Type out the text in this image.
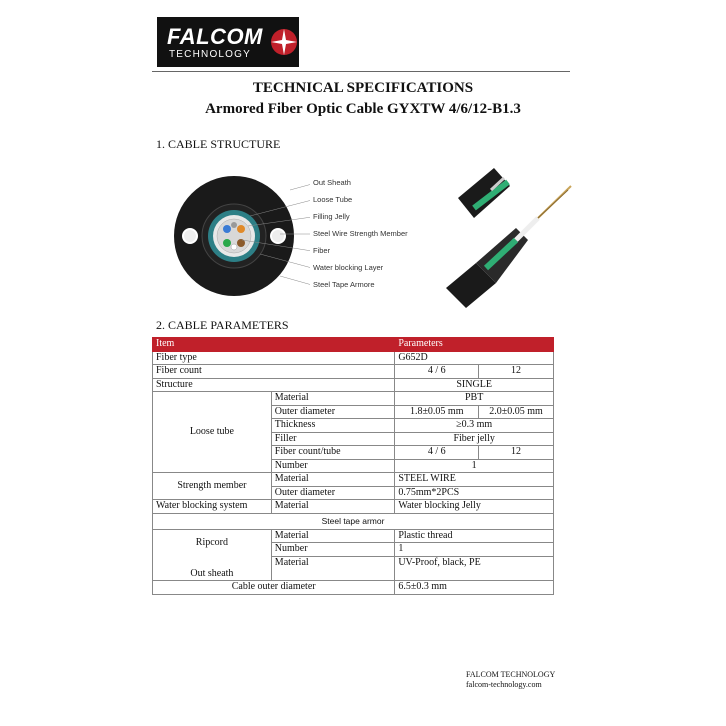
FALCOM
TECHNOLOGY
TECHNICAL SPECIFICATIONS
Armored Fiber Optic Cable GYXTW 4/6/12-B1.3
1. CABLE STRUCTURE
Out Sheath
Loose Tube
Filling Jelly
Steel Wire Strength Member
Fiber
Water blocking Layer
Steel Tape Armore
2. CABLE PARAMETERS
Item		Parameters	
Fiber type		G652D	
Fiber count		4 / 6	12
Structure		SINGLE	
Loose tube	Material	PBT	
	Outer diameter	1.8±0.05 mm	2.0±0.05 mm
	Thickness	≥0.3 mm	
	Filler	Fiber jelly	
	Fiber count/tube	4 / 6	12
	Number	1	
Strength member	Material	STEEL WIRE	
	Outer diameter	0.75mm*2PCS	
Water blocking system	Material	Water blocking Jelly	
Steel tape armor			
Ripcord	Material	Plastic thread	
	Number	1	
Out sheath	Material	UV-Proof, black, PE	
Cable outer diameter		6.5±0.3 mm	
FALCOM TECHNOLOGY
falcom-technology.com
